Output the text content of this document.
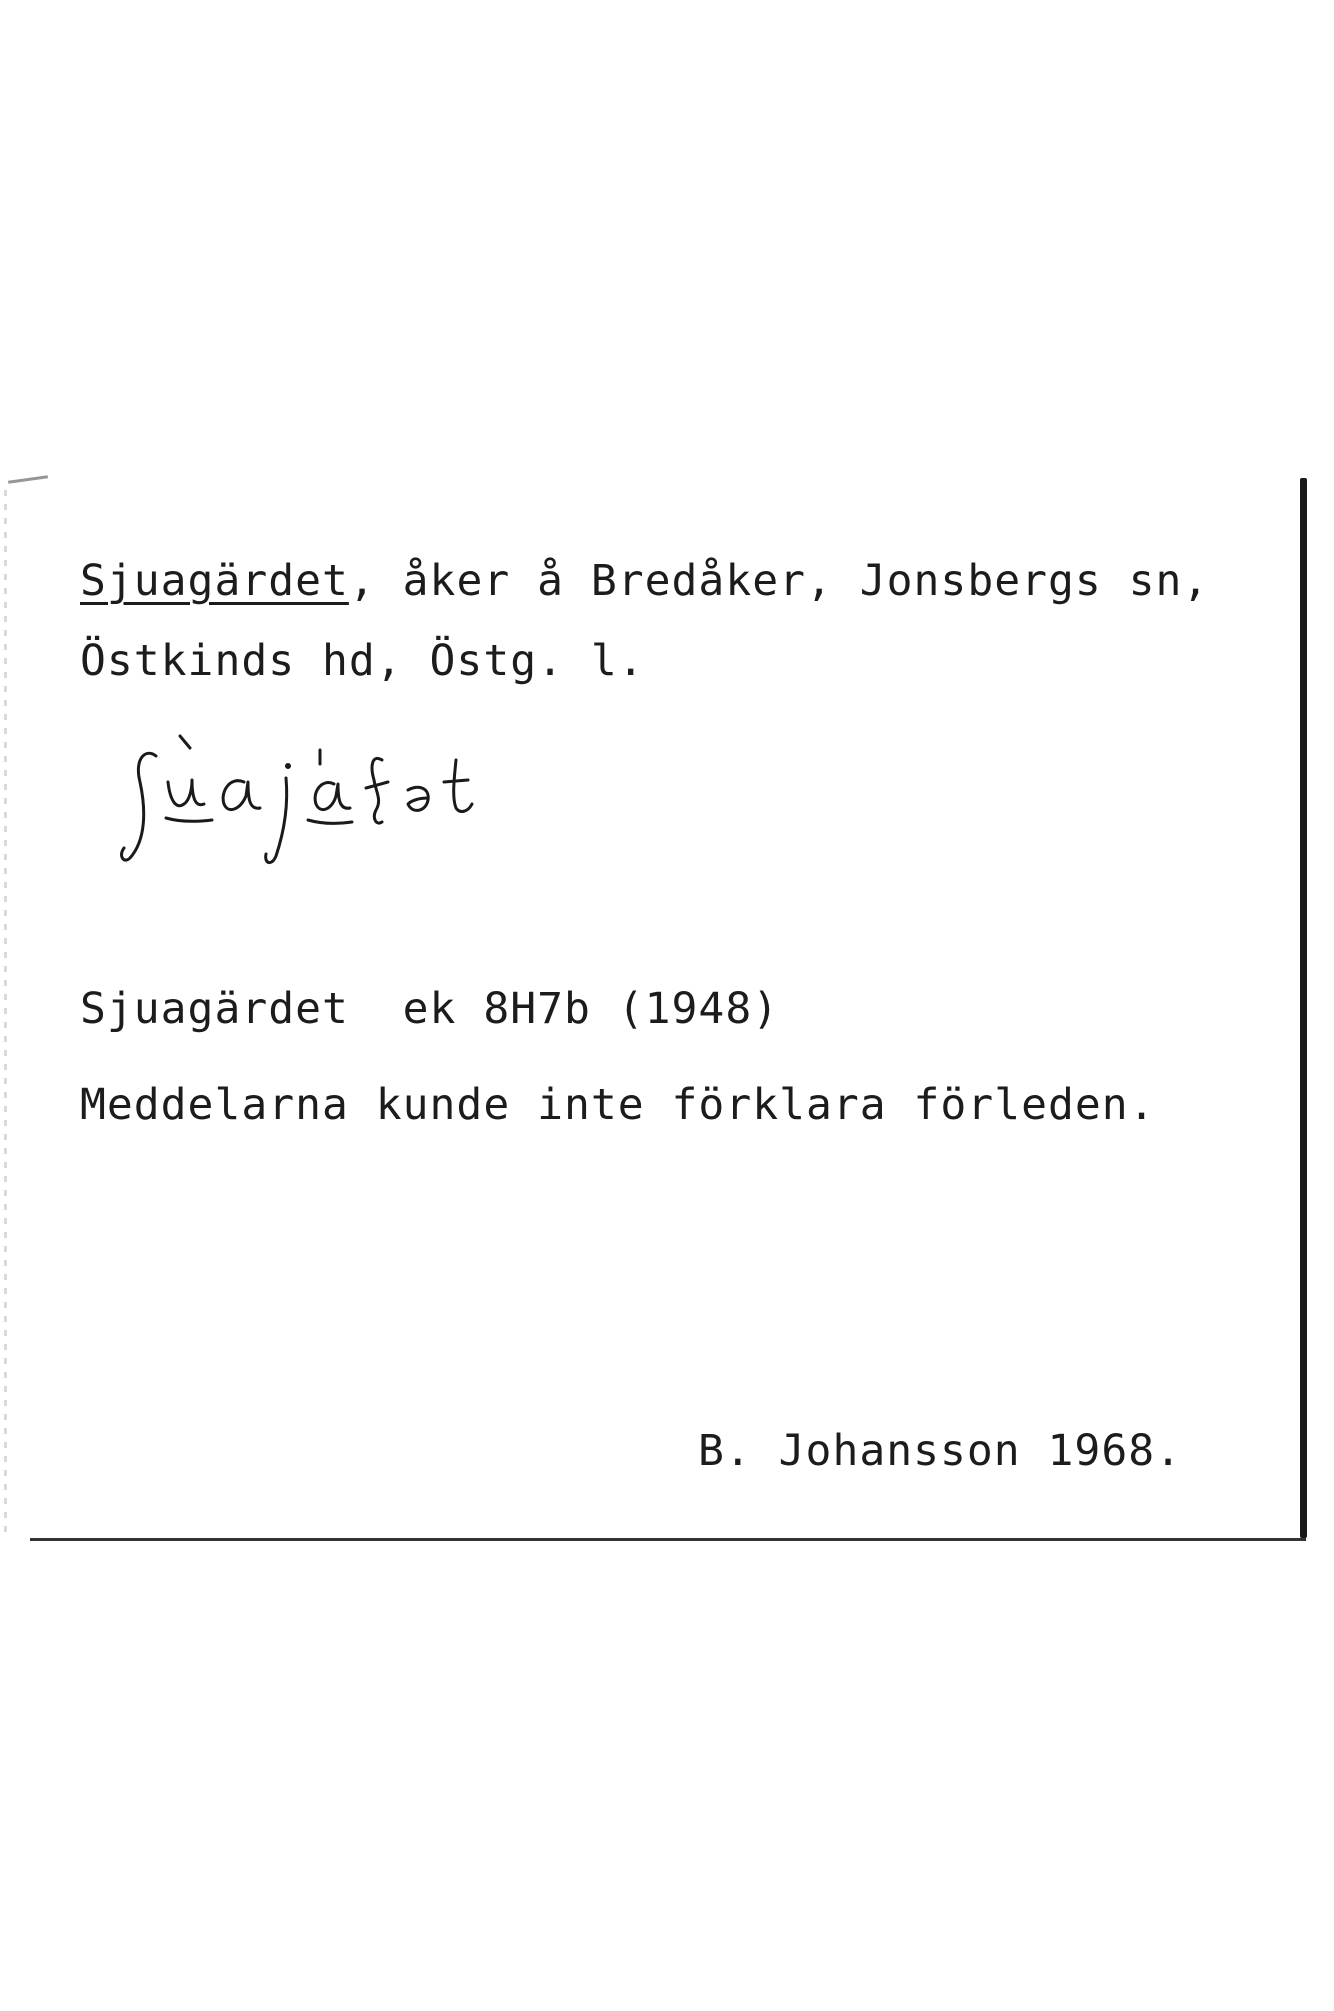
Sjuagärdet, åker å Bredåker, Jonsbergs sn,
Östkinds hd, Östg. l.
Sjuagärdet  ek 8H7b (1948)
Meddelarna kunde inte förklara förleden.
B. Johansson 1968.
